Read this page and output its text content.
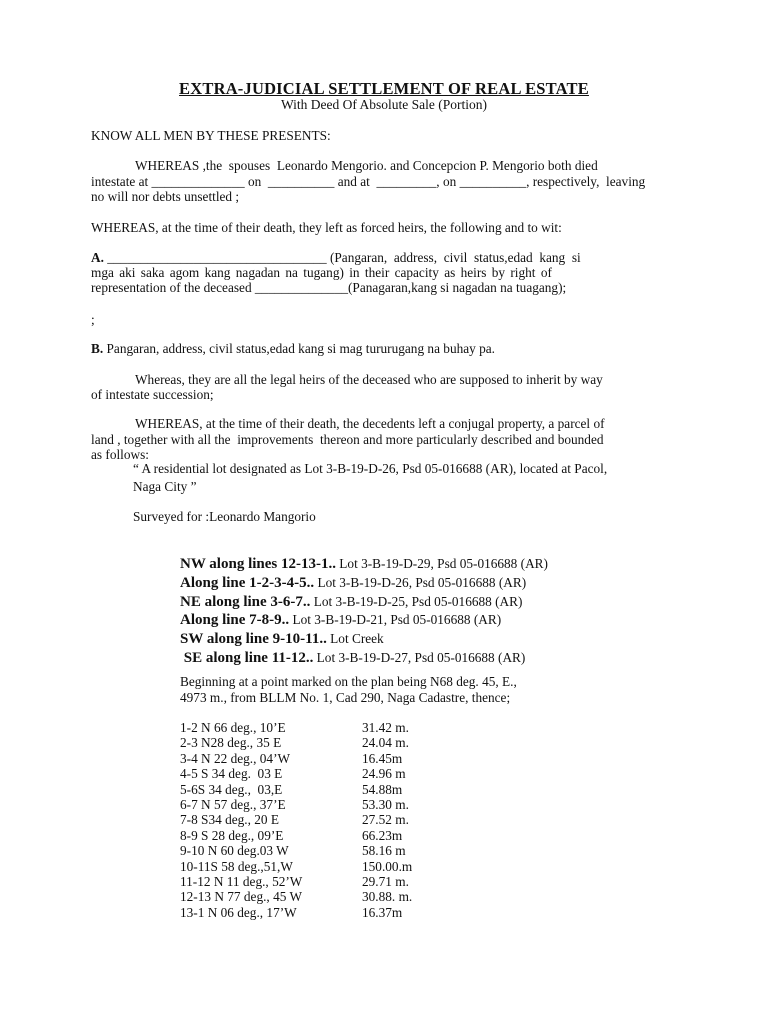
EXTRA-JUDICIAL SETTLEMENT OF REAL ESTATE
With Deed Of Absolute Sale (Portion)
KNOW ALL MEN BY THESE PRESENTS:
WHEREAS ,the  spouses  Leonardo Mengorio. and Concepcion P. Mengorio both died
intestate at ______________ on  __________ and at  _________, on __________, respectively,  leaving
no will nor debts unsettled ;
WHEREAS, at the time of their death, they left as forced heirs, the following and to wit:
A. _________________________________ (Pangaran,  address,  civil  status,edad  kang  si
mga aki saka agom kang nagadan na tugang) in their capacity as heirs by right of
representation of the deceased ______________(Panagaran,kang si nagadan na tuagang);
;
B. Pangaran, address, civil status,edad kang si mag tururugang na buhay pa.
Whereas, they are all the legal heirs of the deceased who are supposed to inherit by way
of intestate succession;
WHEREAS, at the time of their death, the decedents left a conjugal property, a parcel of
land , together with all the  improvements  thereon and more particularly described and bounded
as follows:
“ A residential lot designated as Lot 3-B-19-D-26, Psd 05-016688 (AR), located at Pacol,
Naga City ”
Surveyed for :Leonardo Mangorio
NW along lines 12-13-1.. Lot 3-B-19-D-29, Psd 05-016688 (AR)
Along line 1-2-3-4-5.. Lot 3-B-19-D-26, Psd 05-016688 (AR)
NE along line 3-6-7.. Lot 3-B-19-D-25, Psd 05-016688 (AR)
Along line 7-8-9.. Lot 3-B-19-D-21, Psd 05-016688 (AR)
SW along line 9-10-11.. Lot Creek
SE along line 11-12.. Lot 3-B-19-D-27, Psd 05-016688 (AR)
Beginning at a point marked on the plan being N68 deg. 45, E.,
4973 m., from BLLM No. 1, Cad 290, Naga Cadastre, thence;
1-2 N 66 deg., 10’E	31.42 m.
2-3 N28 deg., 35 E	24.04 m.
3-4 N 22 deg., 04’W	16.45m
4-5 S 34 deg.  03 E	24.96 m
5-6S 34 deg.,  03,E	54.88m
6-7 N 57 deg., 37’E	53.30 m.
7-8 S34 deg., 20 E	27.52 m.
8-9 S 28 deg., 09’E	66.23m
9-10 N 60 deg.03 W	58.16 m
10-11S 58 deg.,51,W	150.00.m
11-12 N 11 deg., 52’W	29.71 m.
12-13 N 77 deg., 45 W	30.88. m.
13-1 N 06 deg., 17’W	16.37m
